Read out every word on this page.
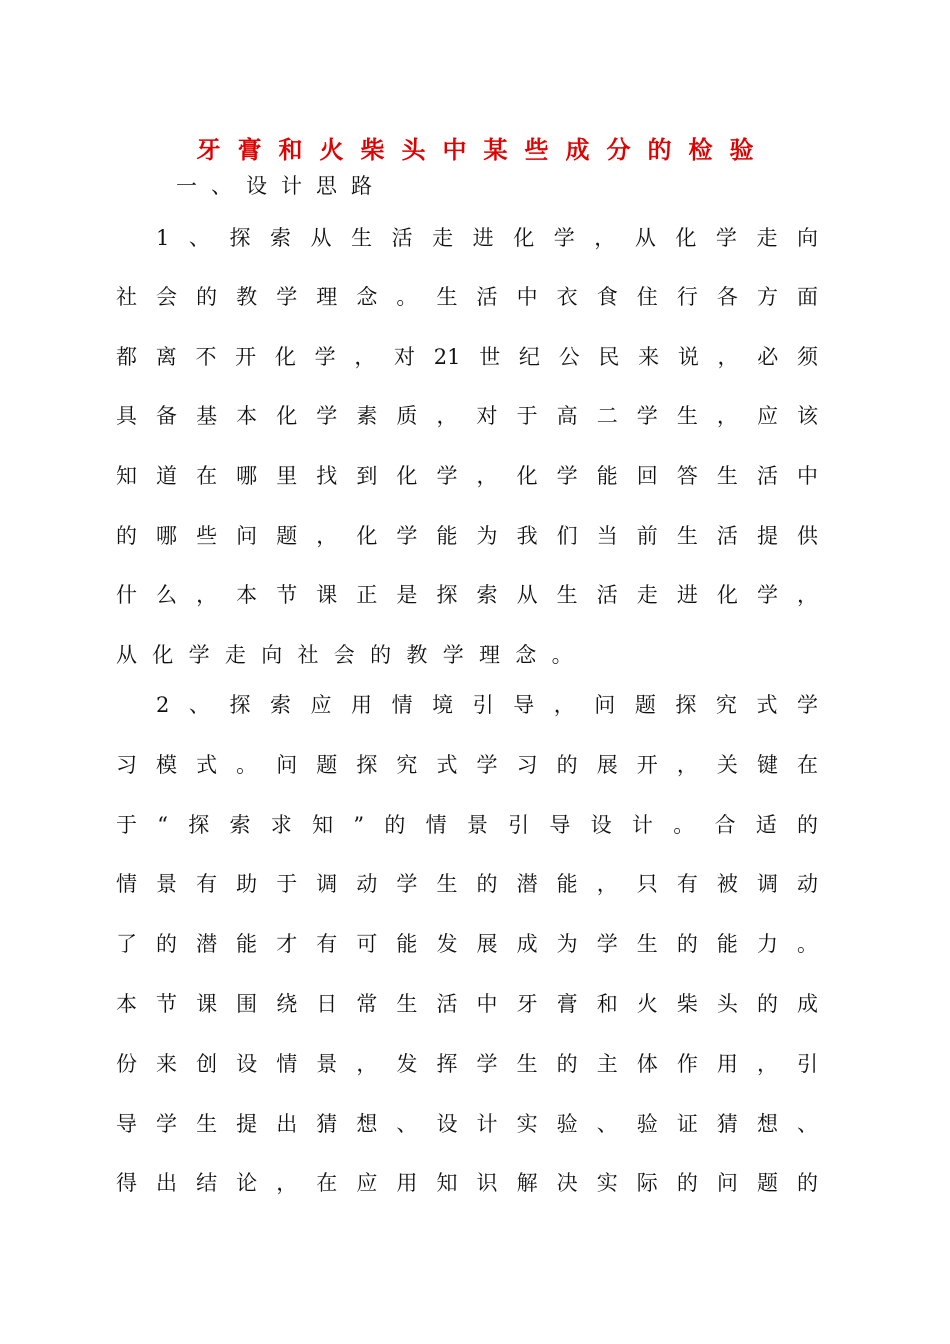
牙膏和火柴头中某些成分的检验
一、设计思路
1、探索从生活走进化学，从化学走向
社会的教学理念。生活中衣食住行各方面
都离不开化学，对21世纪公民来说，必须
具备基本化学素质，对于高二学生，应该
知道在哪里找到化学，化学能回答生活中
的哪些问题，化学能为我们当前生活提供
什么，本节课正是探索从生活走进化学，
从化学走向社会的教学理念。
2、探索应用情境引导，问题探究式学
习模式。问题探究式学习的展开，关键在
于“探索求知”的情景引导设计。合适的
情景有助于调动学生的潜能，只有被调动
了的潜能才有可能发展成为学生的能力。
本节课围绕日常生活中牙膏和火柴头的成
份来创设情景，发挥学生的主体作用，引
导学生提出猜想、设计实验、验证猜想、
得出结论，在应用知识解决实际的问题的
